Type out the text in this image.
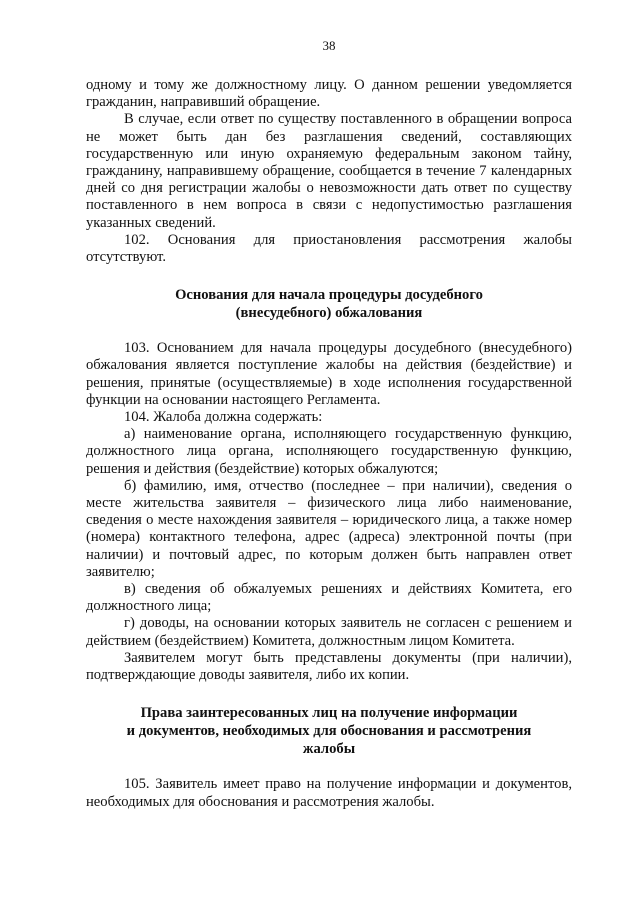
38

одному и тому же должностному лицу. О данном решении уведомляется гражданин, направивший обращение.

В случае, если ответ по существу поставленного в обращении вопроса не может быть дан без разглашения сведений, составляющих государственную или иную охраняемую федеральным законом тайну, гражданину, направившему обращение, сообщается в течение 7 календарных дней со дня регистрации жалобы о невозможности дать ответ по существу поставленного в нем вопроса в связи с недопустимостью разглашения указанных сведений.

102. Основания для приостановления рассмотрения жалобы отсутствуют.

Основания для начала процедуры досудебного

(внесудебного) обжалования

103. Основанием для начала процедуры досудебного (внесудебного) обжалования является поступление жалобы на действия (бездействие) и решения, принятые (осуществляемые) в ходе исполнения государственной функции на основании настоящего Регламента.

104. Жалоба должна содержать:

а) наименование органа, исполняющего государственную функцию, должностного лица органа, исполняющего государственную функцию, решения и действия (бездействие) которых обжалуются;

б) фамилию, имя, отчество (последнее – при наличии), сведения о месте жительства заявителя – физического лица либо наименование, сведения о месте нахождения заявителя – юридического лица, а также номер (номера) контактного телефона, адрес (адреса) электронной почты (при наличии) и почтовый адрес, по которым должен быть направлен ответ заявителю;

в) сведения об обжалуемых решениях и действиях Комитета, его должностного лица;

г) доводы, на основании которых заявитель не согласен с решением и действием (бездействием) Комитета, должностным лицом Комитета.

Заявителем могут быть представлены документы (при наличии), подтверждающие доводы заявителя, либо их копии.

Права заинтересованных лиц на получение информации

и документов, необходимых для обоснования и рассмотрения

жалобы

105. Заявитель имеет право на получение информации и документов, необходимых для обоснования и рассмотрения жалобы.
